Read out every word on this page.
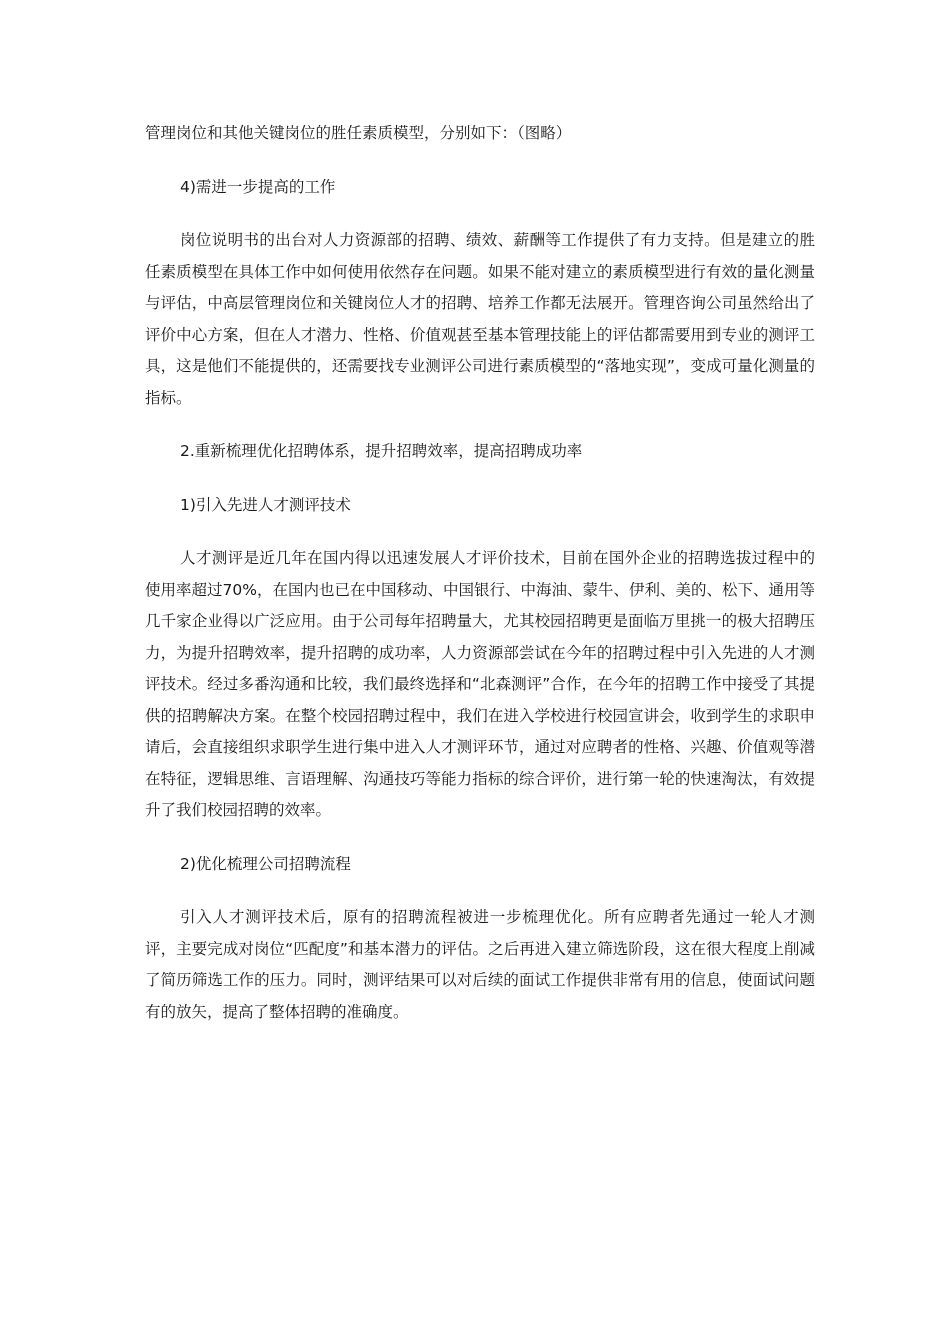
管理岗位和其他关键岗位的胜任素质模型，分别如下：（图略）

4)需进一步提高的工作

岗位说明书的出台对人力资源部的招聘、绩效、薪酬等工作提供了有力支持。但是建立的胜任素质模型在具体工作中如何使用依然存在问题。如果不能对建立的素质模型进行有效的量化测量与评估，中高层管理岗位和关键岗位人才的招聘、培养工作都无法展开。管理咨询公司虽然给出了评价中心方案，但在人才潜力、性格、价值观甚至基本管理技能上的评估都需要用到专业的测评工具，这是他们不能提供的，还需要找专业测评公司进行素质模型的“落地实现”，变成可量化测量的指标。

2.重新梳理优化招聘体系，提升招聘效率，提高招聘成功率

1)引入先进人才测评技术

人才测评是近几年在国内得以迅速发展人才评价技术，目前在国外企业的招聘选拔过程中的使用率超过70%，在国内也已在中国移动、中国银行、中海油、蒙牛、伊利、美的、松下、通用等几千家企业得以广泛应用。由于公司每年招聘量大，尤其校园招聘更是面临万里挑一的极大招聘压力，为提升招聘效率，提升招聘的成功率，人力资源部尝试在今年的招聘过程中引入先进的人才测评技术。经过多番沟通和比较，我们最终选择和“北森测评”合作，在今年的招聘工作中接受了其提供的招聘解决方案。在整个校园招聘过程中，我们在进入学校进行校园宣讲会，收到学生的求职申请后，会直接组织求职学生进行集中进入人才测评环节，通过对应聘者的性格、兴趣、价值观等潜在特征，逻辑思维、言语理解、沟通技巧等能力指标的综合评价，进行第一轮的快速淘汰，有效提升了我们校园招聘的效率。

2)优化梳理公司招聘流程

引入人才测评技术后，原有的招聘流程被进一步梳理优化。所有应聘者先通过一轮人才测评，主要完成对岗位“匹配度”和基本潜力的评估。之后再进入建立筛选阶段，这在很大程度上削减了简历筛选工作的压力。同时，测评结果可以对后续的面试工作提供非常有用的信息，使面试问题有的放矢，提高了整体招聘的准确度。
